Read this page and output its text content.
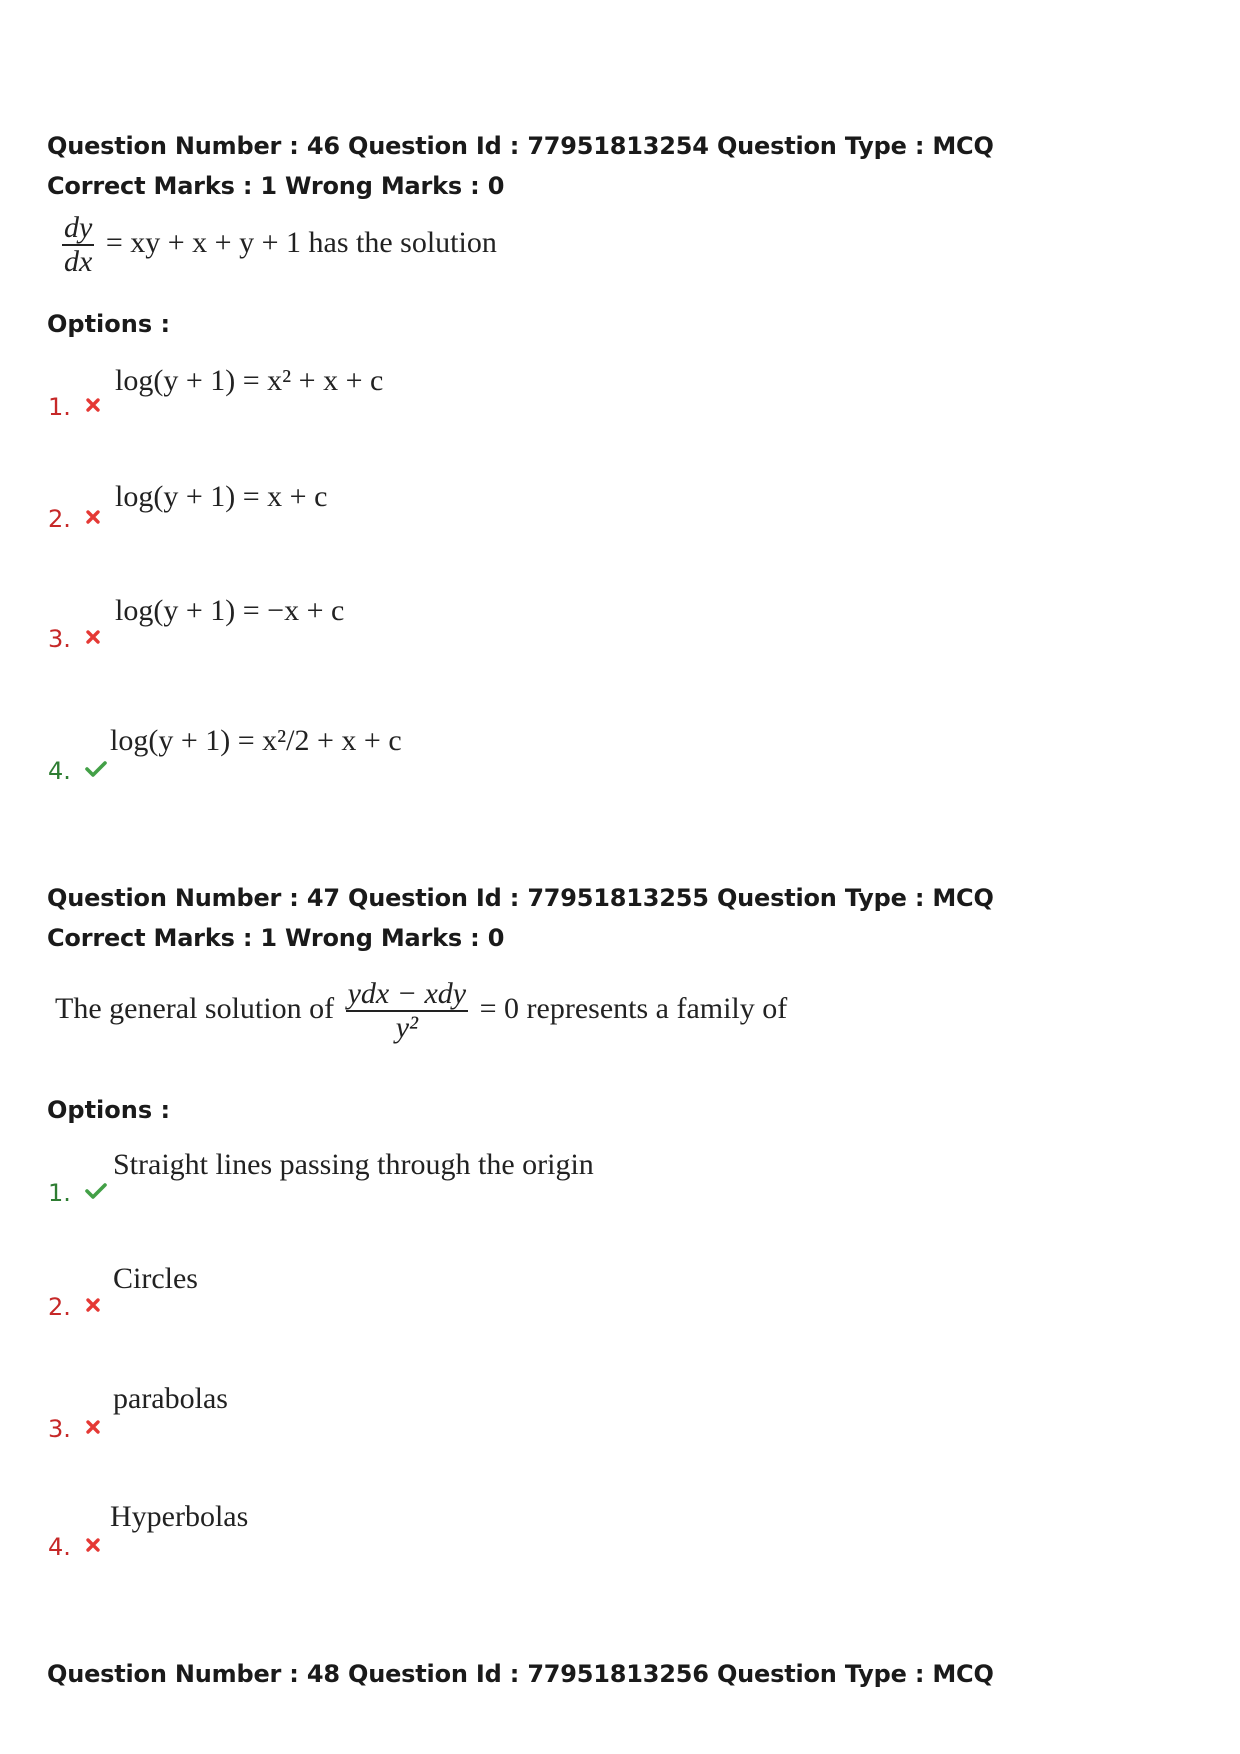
Question Number : 46 Question Id : 77951813254 Question Type : MCQ
Correct Marks : 1 Wrong Marks : 0
$\frac{dy}{dx}$ = xy + x + y + 1 has the solution
Options :
1.
log(y + 1) = x² + x + c
2.
log(y + 1) = x + c
3.
log(y + 1) = −x + c
4.
log(y + 1) = x²/2 + x + c
Question Number : 47 Question Id : 77951813255 Question Type : MCQ
Correct Marks : 1 Wrong Marks : 0
The general solution of $\frac{\text{ydx − xdy}}{\text{y²}} = 0$ represents a family of
Options :
1.
Straight lines passing through the origin
2.
Circles
3.
parabolas
4.
Hyperbolas
Question Number : 48 Question Id : 77951813256 Question Type : MCQ
